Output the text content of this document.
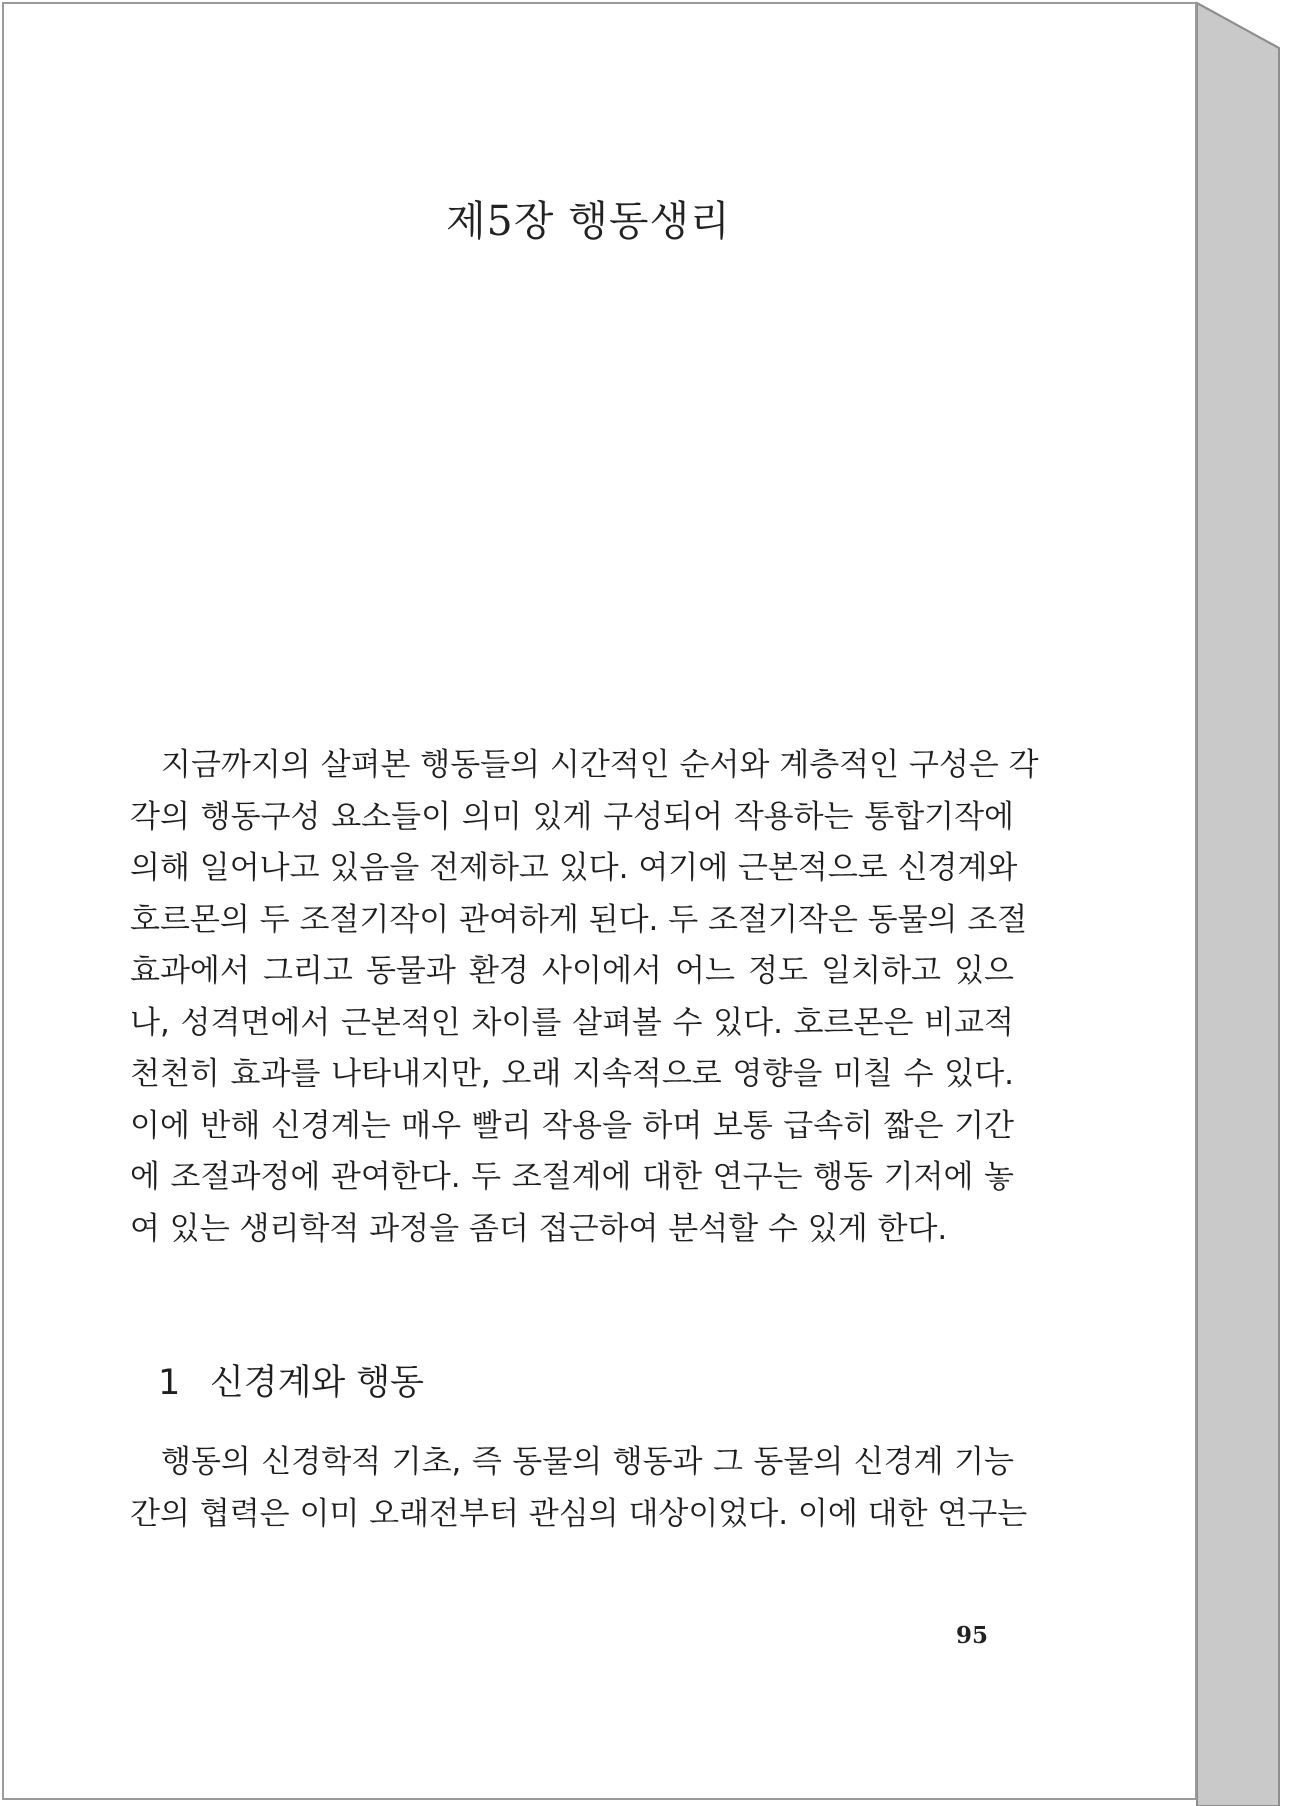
제5장 행동생리
지금까지의 살펴본 행동들의 시간적인 순서와 계층적인 구성은 각
각의 행동구성 요소들이 의미 있게 구성되어 작용하는 통합기작에
의해 일어나고 있음을 전제하고 있다. 여기에 근본적으로 신경계와
호르몬의 두 조절기작이 관여하게 된다. 두 조절기작은 동물의 조절
효과에서 그리고 동물과 환경 사이에서 어느 정도 일치하고 있으
나, 성격면에서 근본적인 차이를 살펴볼 수 있다. 호르몬은 비교적
천천히 효과를 나타내지만, 오래 지속적으로 영향을 미칠 수 있다.
이에 반해 신경계는 매우 빨리 작용을 하며 보통 급속히 짧은 기간
에 조절과정에 관여한다. 두 조절계에 대한 연구는 행동 기저에 놓
여 있는 생리학적 과정을 좀더 접근하여 분석할 수 있게 한다.
1 신경계와 행동
행동의 신경학적 기초, 즉 동물의 행동과 그 동물의 신경계 기능
간의 협력은 이미 오래전부터 관심의 대상이었다. 이에 대한 연구는
95
